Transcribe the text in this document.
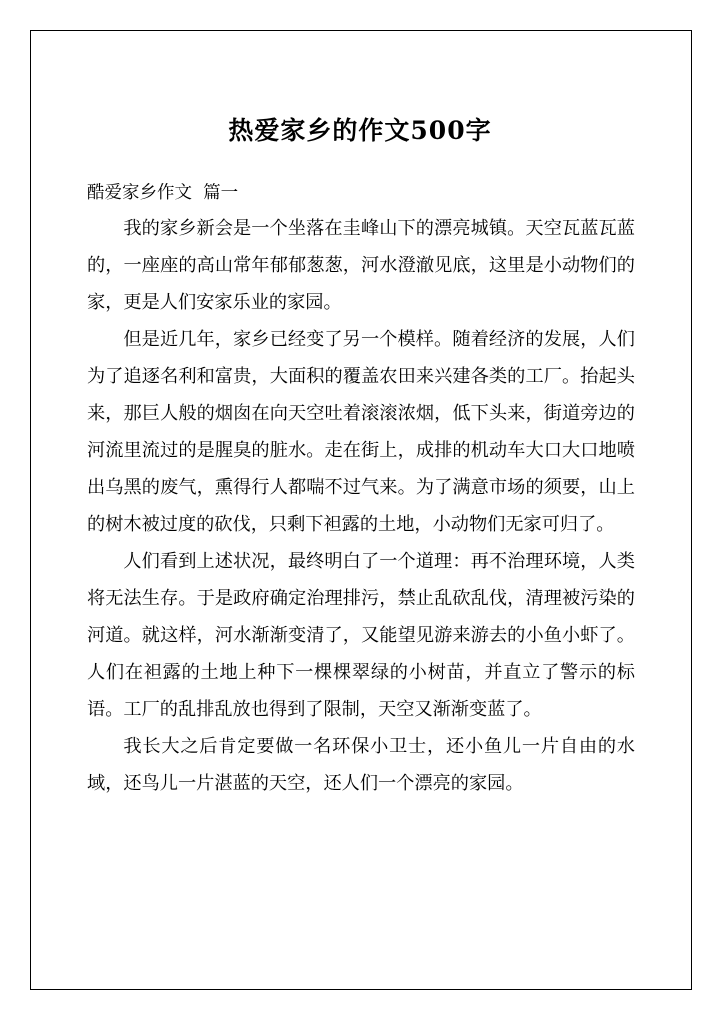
热爱家乡的作文500字

酷爱家乡作文  篇一

我的家乡新会是一个坐落在圭峰山下的漂亮城镇。天空瓦蓝瓦蓝的，一座座的高山常年郁郁葱葱，河水澄澈见底，这里是小动物们的家，更是人们安家乐业的家园。

但是近几年，家乡已经变了另一个模样。随着经济的发展，人们为了追逐名利和富贵，大面积的覆盖农田来兴建各类的工厂。抬起头来，那巨人般的烟囱在向天空吐着滚滚浓烟，低下头来，街道旁边的河流里流过的是腥臭的脏水。走在街上，成排的机动车大口大口地喷出乌黑的废气，熏得行人都喘不过气来。为了满意市场的须要，山上的树木被过度的砍伐，只剩下袒露的土地，小动物们无家可归了。

人们看到上述状况，最终明白了一个道理：再不治理环境，人类将无法生存。于是政府确定治理排污，禁止乱砍乱伐，清理被污染的河道。就这样，河水渐渐变清了，又能望见游来游去的小鱼小虾了。人们在袒露的土地上种下一棵棵翠绿的小树苗，并直立了警示的标语。工厂的乱排乱放也得到了限制，天空又渐渐变蓝了。

我长大之后肯定要做一名环保小卫士，还小鱼儿一片自由的水域，还鸟儿一片湛蓝的天空，还人们一个漂亮的家园。
